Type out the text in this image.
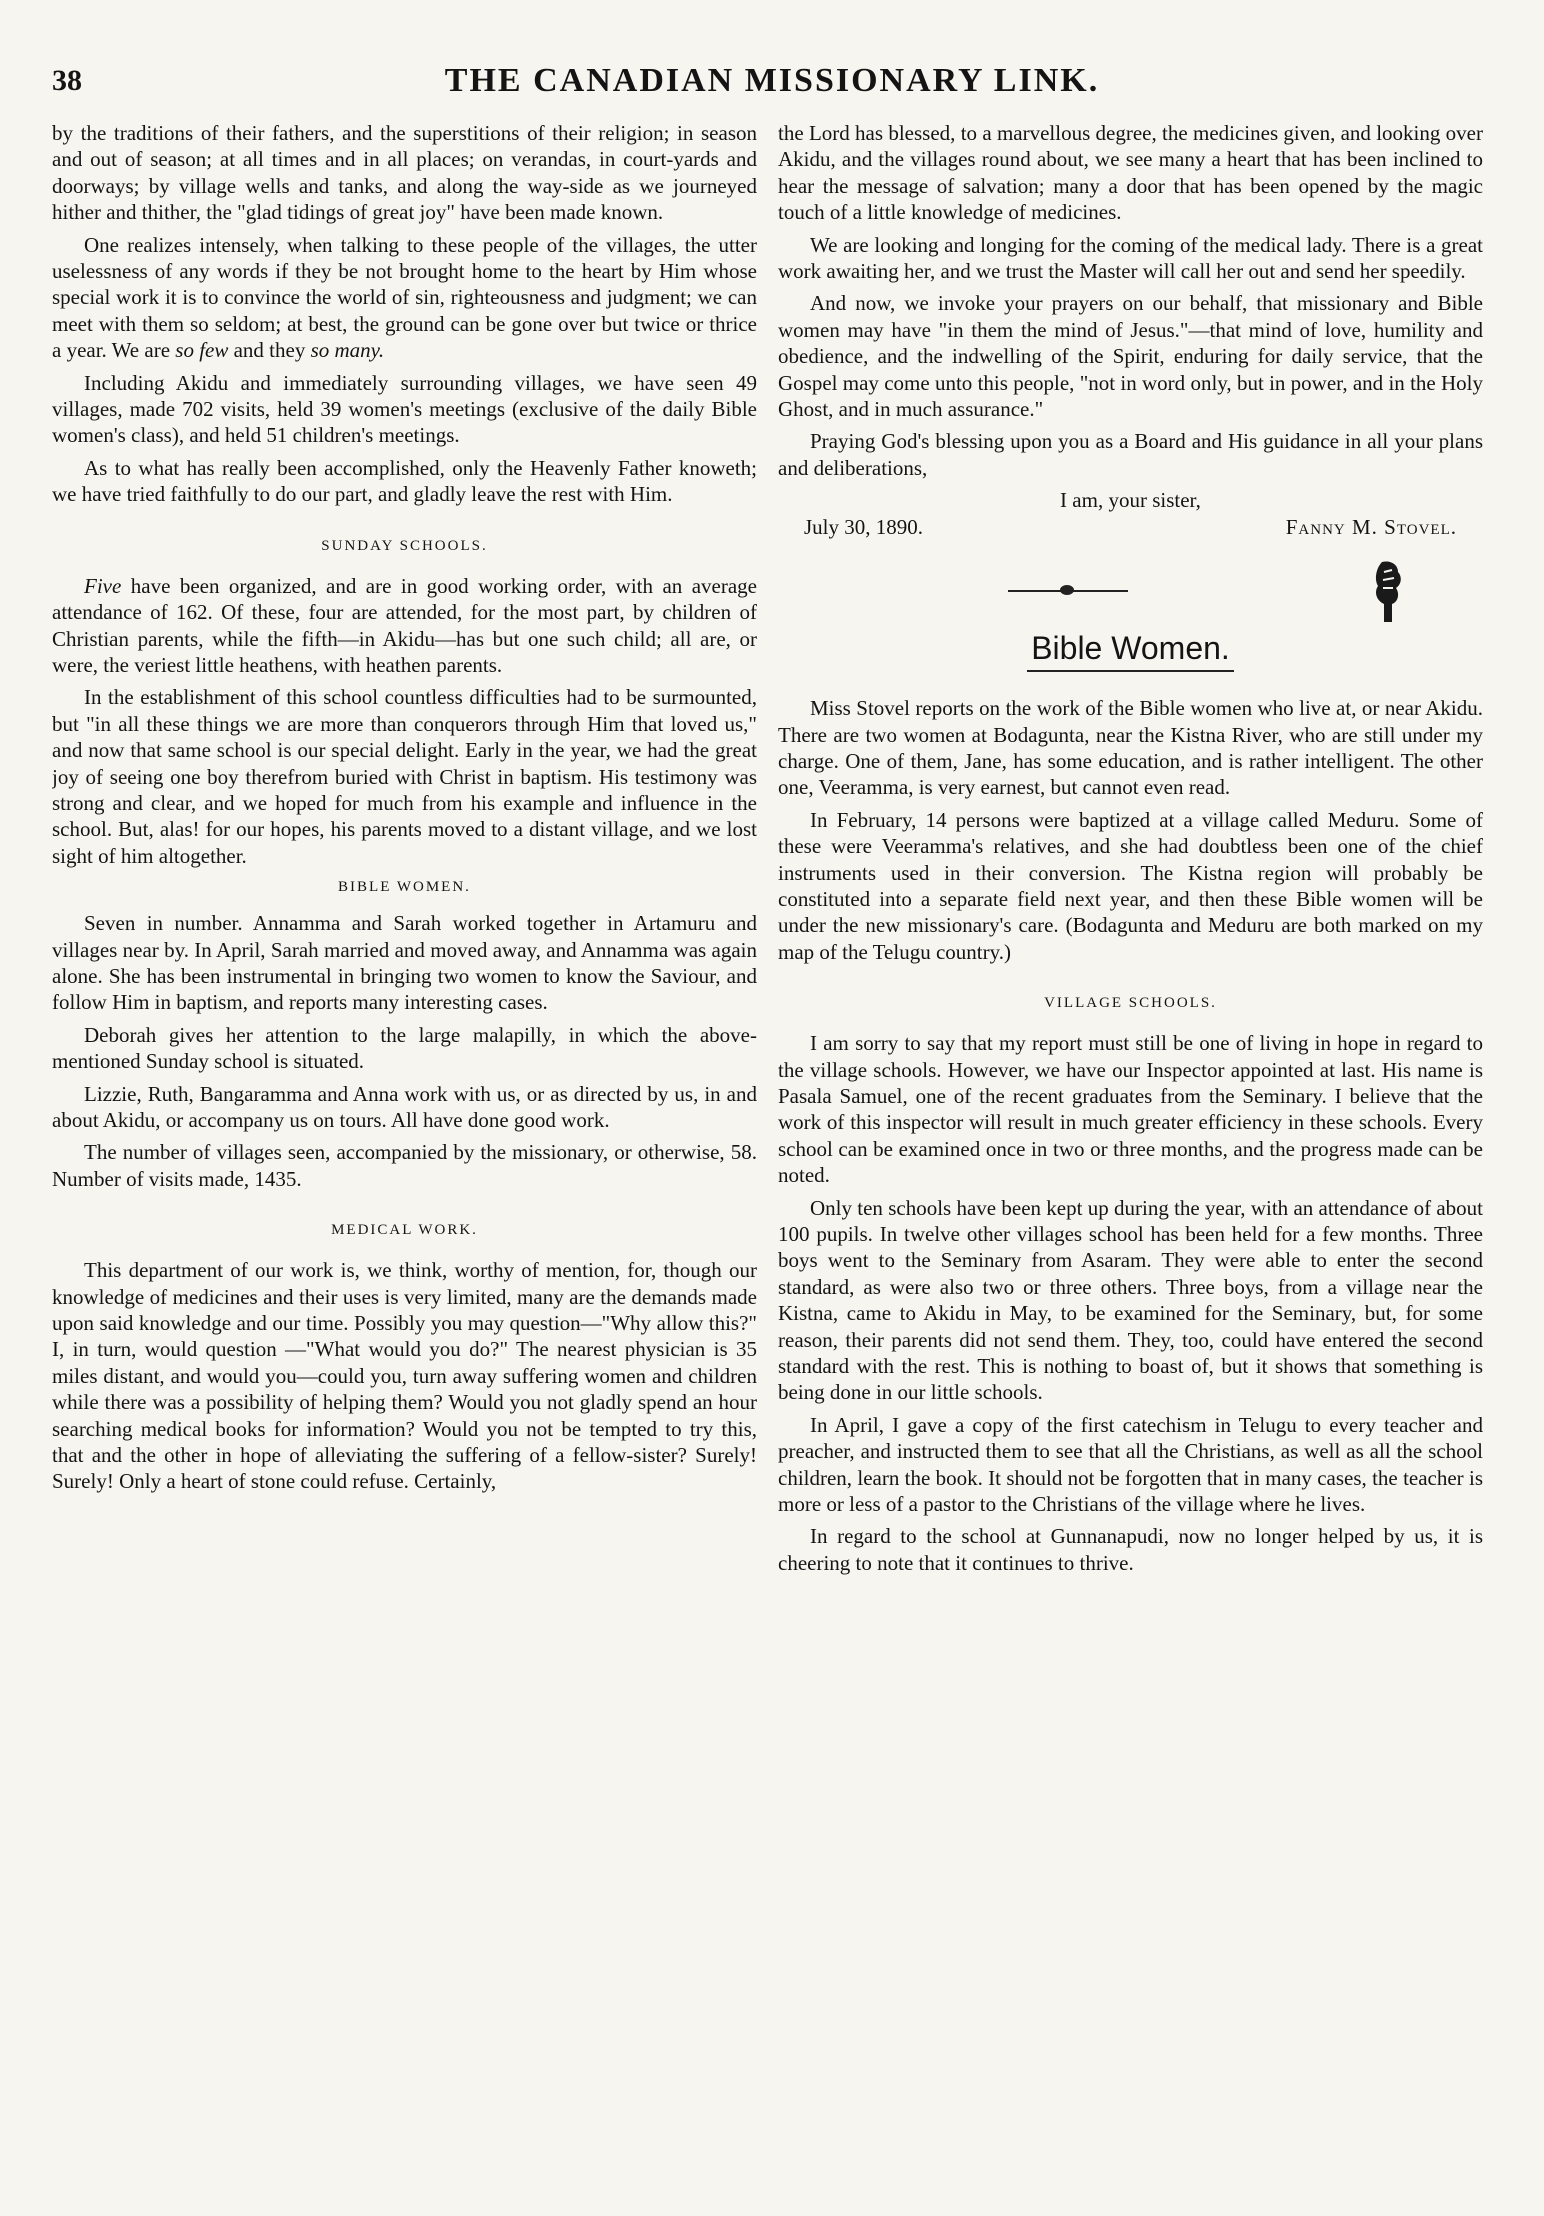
38	THE CANADIAN MISSIONARY LINK.

by the traditions of their fathers, and the superstitions of their religion; in season and out of season; at all times and in all places; on verandas, in court-yards and doorways; by village wells and tanks, and along the way-side as we journeyed hither and thither, the "glad tidings of great joy" have been made known.

One realizes intensely, when talking to these people of the villages, the utter uselessness of any words if they be not brought home to the heart by Him whose special work it is to convince the world of sin, righteousness and judgment; we can meet with them so seldom; at best, the ground can be gone over but twice or thrice a year. We are so few and they so many.

Including Akidu and immediately surrounding villages, we have seen 49 villages, made 702 visits, held 39 women's meetings (exclusive of the daily Bible women's class), and held 51 children's meetings.

As to what has really been accomplished, only the Heavenly Father knoweth; we have tried faithfully to do our part, and gladly leave the rest with Him.

SUNDAY SCHOOLS.

Five have been organized, and are in good working order, with an average attendance of 162. Of these, four are attended, for the most part, by children of Christian parents, while the fifth—in Akidu—has but one such child; all are, or were, the veriest little heathens, with heathen parents.

In the establishment of this school countless difficulties had to be surmounted, but "in all these things we are more than conquerors through Him that loved us," and now that same school is our special delight. Early in the year, we had the great joy of seeing one boy therefrom buried with Christ in baptism. His testimony was strong and clear, and we hoped for much from his example and influence in the school. But, alas! for our hopes, his parents moved to a distant village, and we lost sight of him altogether.

BIBLE WOMEN.

Seven in number. Annamma and Sarah worked together in Artamuru and villages near by. In April, Sarah married and moved away, and Annamma was again alone. She has been instrumental in bringing two women to know the Saviour, and follow Him in baptism, and reports many interesting cases.

Deborah gives her attention to the large malapilly, in which the above-mentioned Sunday school is situated.

Lizzie, Ruth, Bangaramma and Anna work with us, or as directed by us, in and about Akidu, or accompany us on tours. All have done good work.

The number of villages seen, accompanied by the missionary, or otherwise, 58. Number of visits made, 1435.

MEDICAL WORK.

This department of our work is, we think, worthy of mention, for, though our knowledge of medicines and their uses is very limited, many are the demands made upon said knowledge and our time. Possibly you may question—"Why allow this?" I, in turn, would question —"What would you do?" The nearest physician is 35 miles distant, and would you—could you, turn away suffering women and children while there was a possibility of helping them? Would you not gladly spend an hour searching medical books for information? Would you not be tempted to try this, that and the other in hope of alleviating the suffering of a fellow-sister? Surely! Surely! Only a heart of stone could refuse. Certainly,

the Lord has blessed, to a marvellous degree, the medicines given, and looking over Akidu, and the villages round about, we see many a heart that has been inclined to hear the message of salvation; many a door that has been opened by the magic touch of a little knowledge of medicines.

We are looking and longing for the coming of the medical lady. There is a great work awaiting her, and we trust the Master will call her out and send her speedily.

And now, we invoke your prayers on our behalf, that missionary and Bible women may have "in them the mind of Jesus."—that mind of love, humility and obedience, and the indwelling of the Spirit, enduring for daily service, that the Gospel may come unto this people, "not in word only, but in power, and in the Holy Ghost, and in much assurance."

Praying God's blessing upon you as a Board and His guidance in all your plans and deliberations,

I am, your sister,
July 30, 1890.	Fanny M. Stovel.
Bible Women.

Miss Stovel reports on the work of the Bible women who live at, or near Akidu. There are two women at Bodagunta, near the Kistna River, who are still under my charge. One of them, Jane, has some education, and is rather intelligent. The other one, Veeramma, is very earnest, but cannot even read.

In February, 14 persons were baptized at a village called Meduru. Some of these were Veeramma's relatives, and she had doubtless been one of the chief instruments used in their conversion. The Kistna region will probably be constituted into a separate field next year, and then these Bible women will be under the new missionary's care. (Bodagunta and Meduru are both marked on my map of the Telugu country.)

VILLAGE SCHOOLS.

I am sorry to say that my report must still be one of living in hope in regard to the village schools. However, we have our Inspector appointed at last. His name is Pasala Samuel, one of the recent graduates from the Seminary. I believe that the work of this inspector will result in much greater efficiency in these schools. Every school can be examined once in two or three months, and the progress made can be noted.

Only ten schools have been kept up during the year, with an attendance of about 100 pupils. In twelve other villages school has been held for a few months. Three boys went to the Seminary from Asaram. They were able to enter the second standard, as were also two or three others. Three boys, from a village near the Kistna, came to Akidu in May, to be examined for the Seminary, but, for some reason, their parents did not send them. They, too, could have entered the second standard with the rest. This is nothing to boast of, but it shows that something is being done in our little schools.

In April, I gave a copy of the first catechism in Telugu to every teacher and preacher, and instructed them to see that all the Christians, as well as all the school children, learn the book. It should not be forgotten that in many cases, the teacher is more or less of a pastor to the Christians of the village where he lives.

In regard to the school at Gunnanapudi, now no longer helped by us, it is cheering to note that it continues to thrive.
